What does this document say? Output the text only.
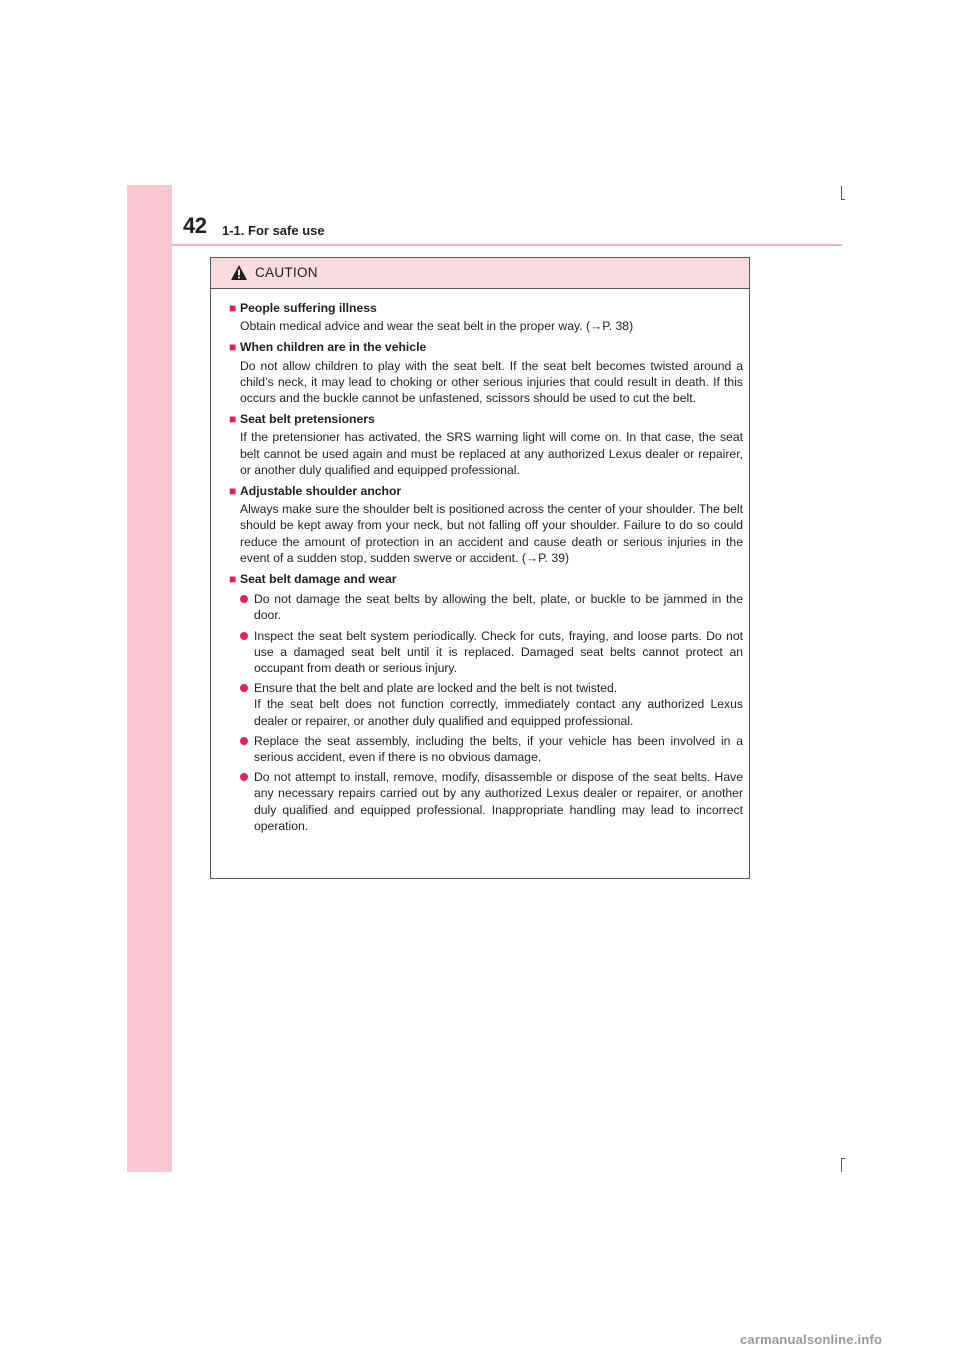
42 1-1. For safe use
CAUTION
■ People suffering illness
Obtain medical advice and wear the seat belt in the proper way. (→P. 38)
■ When children are in the vehicle
Do not allow children to play with the seat belt. If the seat belt becomes twisted around a child’s neck, it may lead to choking or other serious injuries that could result in death. If this occurs and the buckle cannot be unfastened, scissors should be used to cut the belt.
■ Seat belt pretensioners
If the pretensioner has activated, the SRS warning light will come on. In that case, the seat belt cannot be used again and must be replaced at any authorized Lexus dealer or repairer, or another duly qualified and equipped professional.
■ Adjustable shoulder anchor
Always make sure the shoulder belt is positioned across the center of your shoulder. The belt should be kept away from your neck, but not falling off your shoulder. Failure to do so could reduce the amount of protection in an accident and cause death or serious injuries in the event of a sudden stop, sudden swerve or accident. (→P. 39)
■ Seat belt damage and wear
Do not damage the seat belts by allowing the belt, plate, or buckle to be jammed in the door.
Inspect the seat belt system periodically. Check for cuts, fraying, and loose parts. Do not use a damaged seat belt until it is replaced. Damaged seat belts cannot protect an occupant from death or serious injury.
Ensure that the belt and plate are locked and the belt is not twisted.
If the seat belt does not function correctly, immediately contact any authorized Lexus dealer or repairer, or another duly qualified and equipped professional.
Replace the seat assembly, including the belts, if your vehicle has been involved in a serious accident, even if there is no obvious damage.
Do not attempt to install, remove, modify, disassemble or dispose of the seat belts. Have any necessary repairs carried out by any authorized Lexus dealer or repairer, or another duly qualified and equipped professional. Inappropriate handling may lead to incorrect operation.
carmanualsonline.info
